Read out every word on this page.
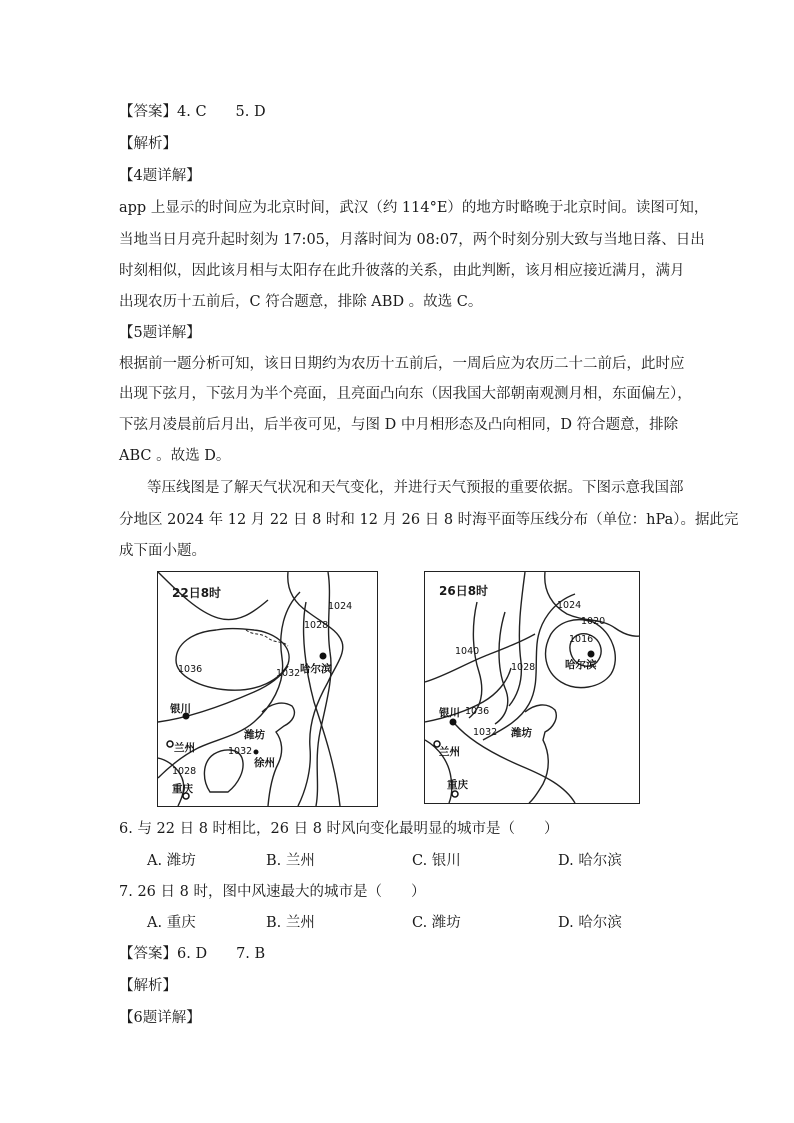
【答案】4. C　　5. D
【解析】
【4题详解】
app 上显示的时间应为北京时间，武汉（约 114°E）的地方时略晚于北京时间。读图可知，
当地当日月亮升起时刻为 17:05，月落时间为 08:07，两个时刻分别大致与当地日落、日出
时刻相似，因此该月相与太阳存在此升彼落的关系，由此判断，该月相应接近满月，满月
出现农历十五前后，C 符合题意，排除 ABD 。故选 C。
【5题详解】
根据前一题分析可知，该日日期约为农历十五前后，一周后应为农历二十二前后，此时应
出现下弦月，下弦月为半个亮面，且亮面凸向东（因我国大部朝南观测月相，东面偏左），
下弦月凌晨前后月出，后半夜可见，与图 D 中月相形态及凸向相同，D 符合题意，排除
ABC 。故选 D。
等压线图是了解天气状况和天气变化，并进行天气预报的重要依据。下图示意我国部
分地区 2024 年 12 月 22 日 8 时和 12 月 26 日 8 时海平面等压线分布（单位：hPa）。据此完
成下面小题。
22日8时
1024
1028
1036	1032
1032
1028
哈尔滨
银川
潍坊
兰州
徐州
重庆
26日8时
1024
1020
1016
1040
1028
1036
1032
哈尔滨
银川
潍坊
兰州
重庆
6. 与 22 日 8 时相比，26 日 8 时风向变化最明显的城市是（　　）
A. 潍坊	B. 兰州	C. 银川	D. 哈尔滨
7. 26 日 8 时，图中风速最大的城市是（　　）
A. 重庆	B. 兰州	C. 潍坊	D. 哈尔滨
【答案】6. D　　7. B
【解析】
【6题详解】
